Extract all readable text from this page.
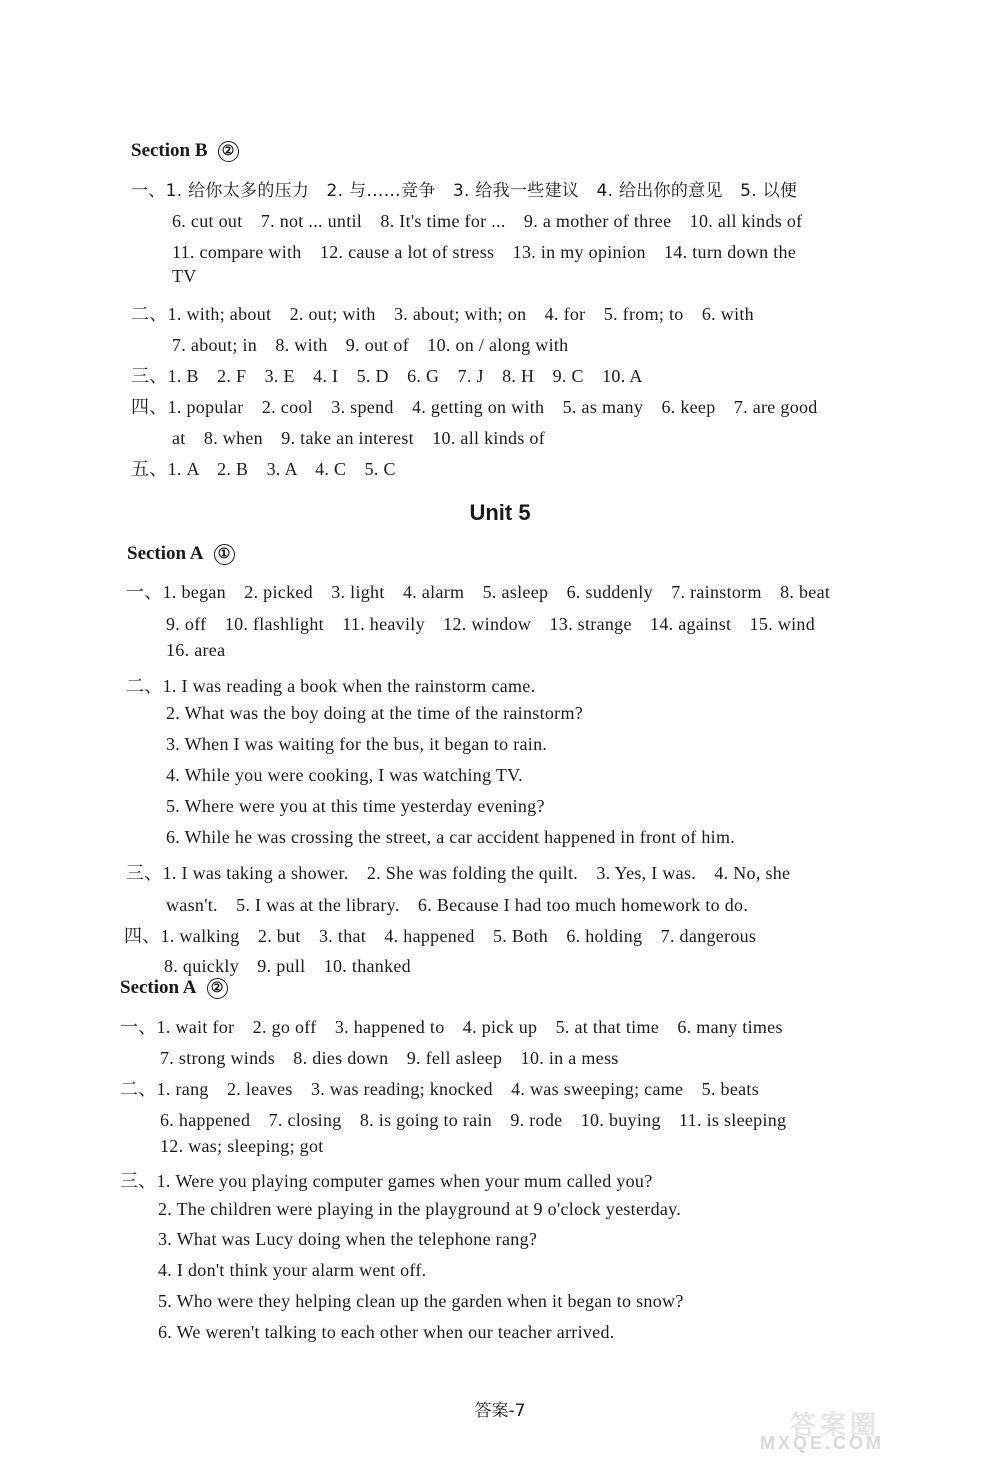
Section B ②
一、1. 给你太多的压力　2. 与……竞争　3. 给我一些建议　4. 给出你的意见　5. 以便
6. cut out　7. not ... until　8. It's time for ...　9. a mother of three　10. all kinds of
11. compare with　12. cause a lot of stress　13. in my opinion　14. turn down the
TV
二、1. with; about　2. out; with　3. about; with; on　4. for　5. from; to　6. with
7. about; in　8. with　9. out of　10. on / along with
三、1. B　2. F　3. E　4. I　5. D　6. G　7. J　8. H　9. C　10. A
四、1. popular　2. cool　3. spend　4. getting on with　5. as many　6. keep　7. are good
at　8. when　9. take an interest　10. all kinds of
五、1. A　2. B　3. A　4. C　5. C
Unit 5
Section A ①
一、1. began　2. picked　3. light　4. alarm　5. asleep　6. suddenly　7. rainstorm　8. beat
9. off　10. flashlight　11. heavily　12. window　13. strange　14. against　15. wind
16. area
二、1. I was reading a book when the rainstorm came.
2. What was the boy doing at the time of the rainstorm?
3. When I was waiting for the bus, it began to rain.
4. While you were cooking, I was watching TV.
5. Where were you at this time yesterday evening?
6. While he was crossing the street, a car accident happened in front of him.
三、1. I was taking a shower.　2. She was folding the quilt.　3. Yes, I was.　4. No, she
wasn't.　5. I was at the library.　6. Because I had too much homework to do.
四、1. walking　2. but　3. that　4. happened　5. Both　6. holding　7. dangerous
8. quickly　9. pull　10. thanked
Section A ②
一、1. wait for　2. go off　3. happened to　4. pick up　5. at that time　6. many times
7. strong winds　8. dies down　9. fell asleep　10. in a mess
二、1. rang　2. leaves　3. was reading; knocked　4. was sweeping; came　5. beats
6. happened　7. closing　8. is going to rain　9. rode　10. buying　11. is sleeping
12. was; sleeping; got
三、1. Were you playing computer games when your mum called you?
2. The children were playing in the playground at 9 o'clock yesterday.
3. What was Lucy doing when the telephone rang?
4. I don't think your alarm went off.
5. Who were they helping clean up the garden when it began to snow?
6. We weren't talking to each other when our teacher arrived.
答案-7	答案圈
MXQE.COM
